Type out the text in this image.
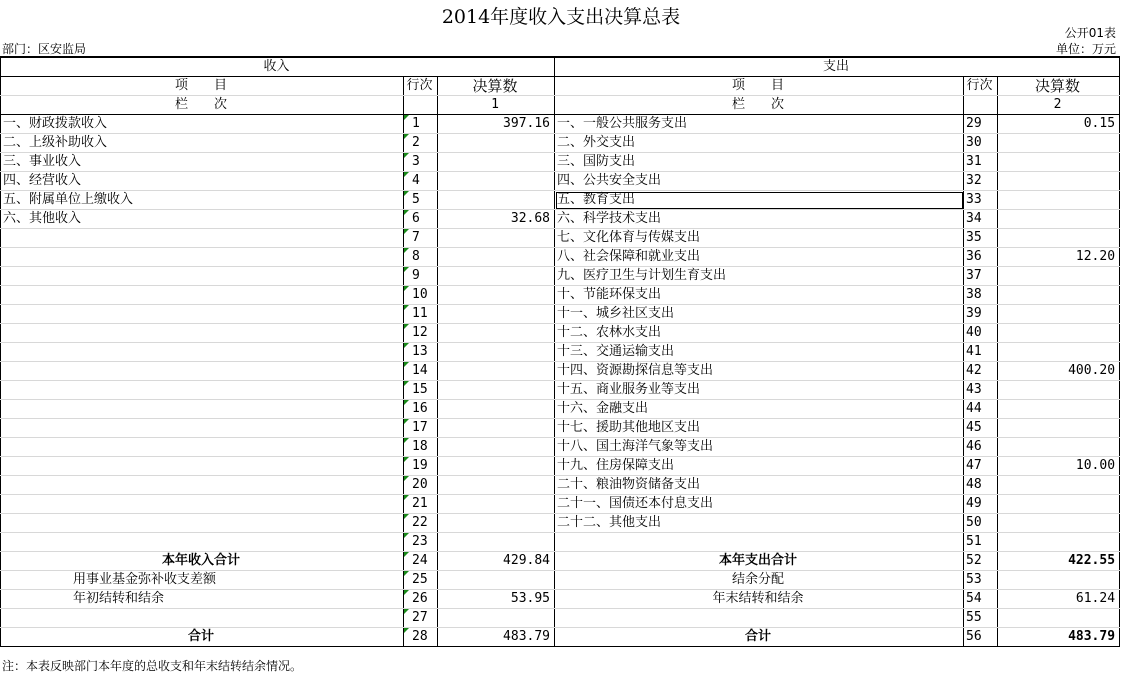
2014年度收入支出决算总表
公开01表
部门：区安监局	单位：万元
收入			支出		
项　　目	行次	决算数	项　　目	行次	决算数
栏　　次		1	栏　　次		2
一、财政拨款收入	1	397.16	一、一般公共服务支出	29	0.15
二、上级补助收入	2		二、外交支出	30	
三、事业收入	3		三、国防支出	31	
四、经营收入	4		四、公共安全支出	32	
五、附属单位上缴收入	5		五、教育支出	33	
六、其他收入	6	32.68	六、科学技术支出	34	
	7		七、文化体育与传媒支出	35	
	8		八、社会保障和就业支出	36	12.20
	9		九、医疗卫生与计划生育支出	37	
	10		十、节能环保支出	38	
	11		十一、城乡社区支出	39	
	12		十二、农林水支出	40	
	13		十三、交通运输支出	41	
	14		十四、资源勘探信息等支出	42	400.20
	15		十五、商业服务业等支出	43	
	16		十六、金融支出	44	
	17		十七、援助其他地区支出	45	
	18		十八、国土海洋气象等支出	46	
	19		十九、住房保障支出	47	10.00
	20		二十、粮油物资储备支出	48	
	21		二十一、国债还本付息支出	49	
	22		二十二、其他支出	50	
	23			51	
本年收入合计	24	429.84	本年支出合计	52	422.55
用事业基金弥补收支差额	25		结余分配	53	
年初结转和结余	26	53.95	年末结转和结余	54	61.24
	27			55	
合计	28	483.79	合计	56	483.79
注：本表反映部门本年度的总收支和年末结转结余情况。
